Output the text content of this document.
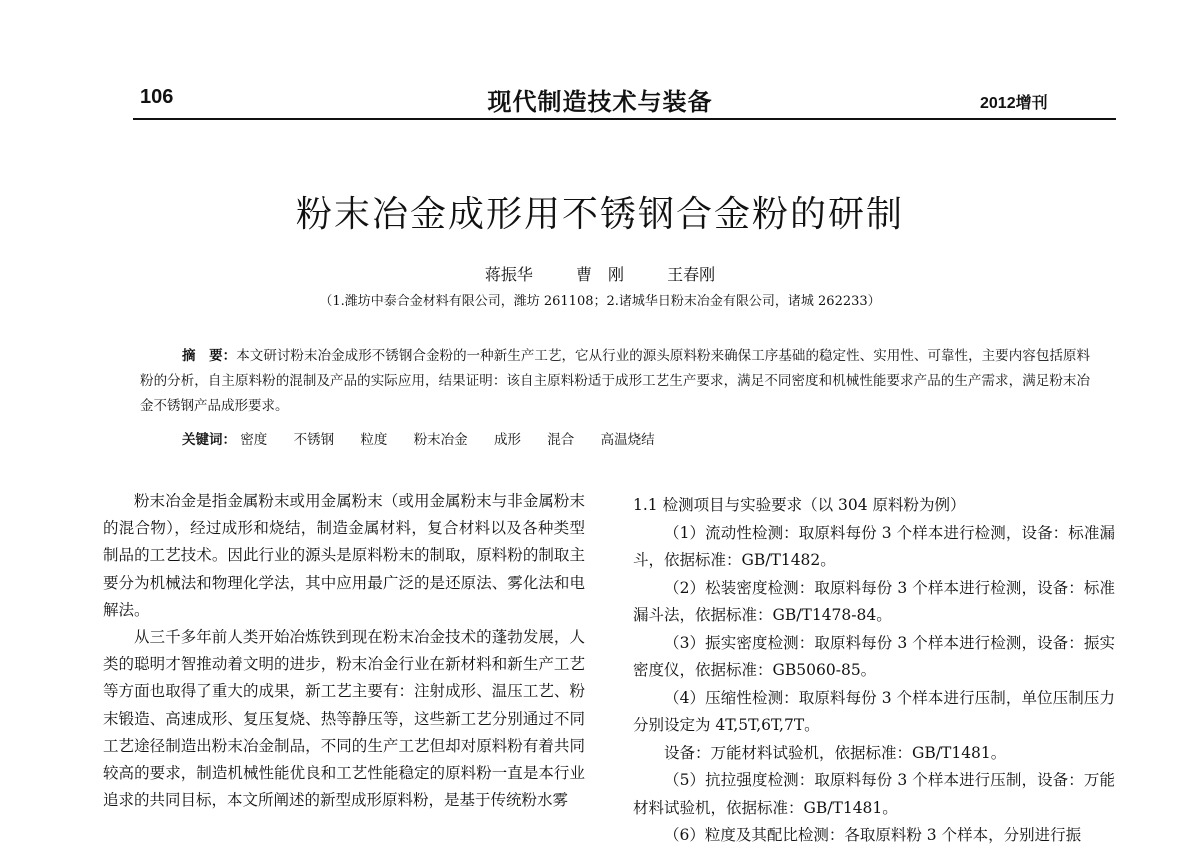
106	现代制造技术与装备	2012增刊
粉末冶金成形用不锈钢合金粉的研制
蒋振华	曹　刚	王春刚
（1.潍坊中泰合金材料有限公司，潍坊 261108；2.诸城华日粉末冶金有限公司，诸城 262233）
摘　要：本文研讨粉末冶金成形不锈钢合金粉的一种新生产工艺，它从行业的源头原料粉来确保工序基础的稳定性、实用性、可靠性，主要内容包括原料粉的分析，自主原料粉的混制及产品的实际应用，结果证明：该自主原料粉适于成形工艺生产要求，满足不同密度和机械性能要求产品的生产需求，满足粉末冶金不锈钢产品成形要求。
关键词： 密度 不锈钢 粒度 粉末冶金 成形 混合 高温烧结

粉末冶金是指金属粉末或用金属粉末（或用金属粉末与非金属粉末的混合物），经过成形和烧结，制造金属材料，复合材料以及各种类型制品的工艺技术。因此行业的源头是原料粉末的制取，原料粉的制取主要分为机械法和物理化学法，其中应用最广泛的是还原法、雾化法和电解法。

从三千多年前人类开始冶炼铁到现在粉末冶金技术的蓬勃发展，人类的聪明才智推动着文明的进步，粉末冶金行业在新材料和新生产工艺等方面也取得了重大的成果，新工艺主要有：注射成形、温压工艺、粉末锻造、高速成形、复压复烧、热等静压等，这些新工艺分别通过不同工艺途径制造出粉末冶金制品，不同的生产工艺但却对原料粉有着共同较高的要求，制造机械性能优良和工艺性能稳定的原料粉一直是本行业追求的共同目标，本文所阐述的新型成形原料粉，是基于传统粉水雾

1.1 检测项目与实验要求（以 304 原料粉为例）

（1）流动性检测：取原料每份 3 个样本进行检测，设备：标准漏斗，依据标准：GB/T1482。

（2）松装密度检测：取原料每份 3 个样本进行检测，设备：标准漏斗法，依据标准：GB/T1478-84。

（3）振实密度检测：取原料每份 3 个样本进行检测，设备：振实密度仪，依据标准：GB5060-85。

（4）压缩性检测：取原料每份 3 个样本进行压制，单位压制压力分别设定为 4T,5T,6T,7T。

设备：万能材料试验机，依据标准：GB/T1481。

（5）抗拉强度检测：取原料每份 3 个样本进行压制，设备：万能材料试验机，依据标准：GB/T1481。

（6）粒度及其配比检测：各取原料粉 3 个样本，分别进行振
